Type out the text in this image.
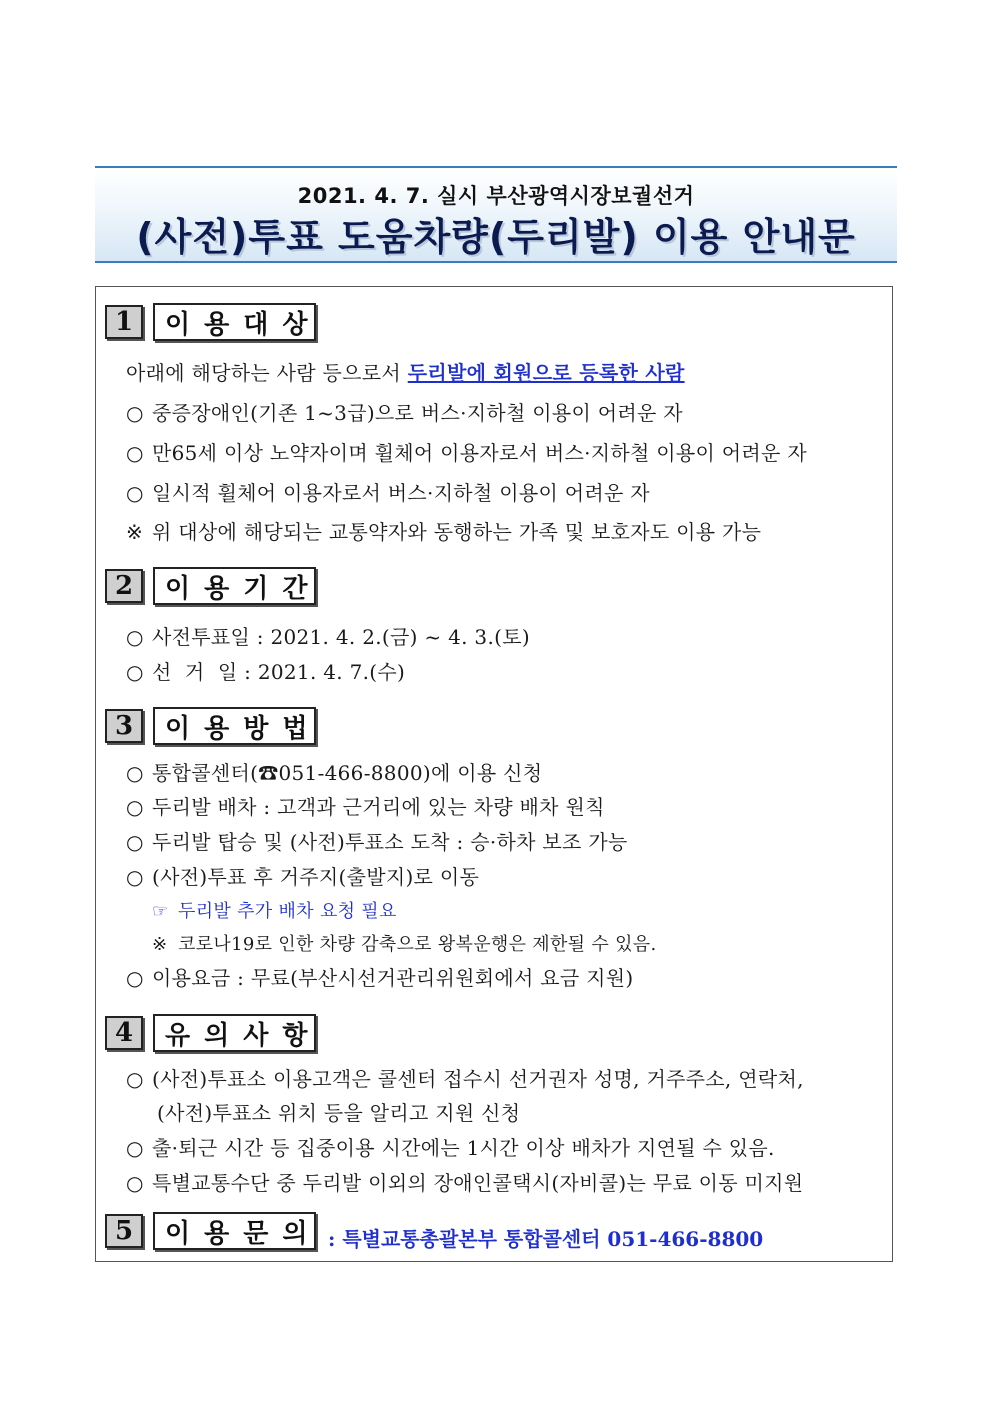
2021. 4. 7. 실시 부산광역시장보궐선거
(사전)투표 도움차량(두리발) 이용 안내문
1	이용대상
아래에 해당하는 사람 등으로서 두리발에 회원으로 등록한 사람
○ 중증장애인(기존 1~3급)으로 버스·지하철 이용이 어려운 자
○ 만65세 이상 노약자이며 휠체어 이용자로서 버스·지하철 이용이 어려운 자
○ 일시적 휠체어 이용자로서 버스·지하철 이용이 어려운 자
※ 위 대상에 해당되는 교통약자와 동행하는 가족 및 보호자도 이용 가능
2	이용기간
○ 사전투표일 : 2021. 4. 2.(금) ~ 4. 3.(토)
○ 선  거  일 : 2021. 4. 7.(수)
3	이용방법
○ 통합콜센터(☎051-466-8800)에 이용 신청
○ 두리발 배차 : 고객과 근거리에 있는 차량 배차 원칙
○ 두리발 탑승 및 (사전)투표소 도착 : 승·하차 보조 가능
○ (사전)투표 후 거주지(출발지)로 이동
☞ 두리발 추가 배차 요청 필요
※ 코로나19로 인한 차량 감축으로 왕복운행은 제한될 수 있음.
○ 이용요금 : 무료(부산시선거관리위원회에서 요금 지원)
4	유의사항
○ (사전)투표소 이용고객은 콜센터 접수시 선거권자 성명, 거주주소, 연락처,
(사전)투표소 위치 등을 알리고 지원 신청
○ 출·퇴근 시간 등 집중이용 시간에는 1시간 이상 배차가 지연될 수 있음.
○ 특별교통수단 중 두리발 이외의 장애인콜택시(자비콜)는 무료 이동 미지원
5	이용문의 : 특별교통총괄본부 통합콜센터 051-466-8800
